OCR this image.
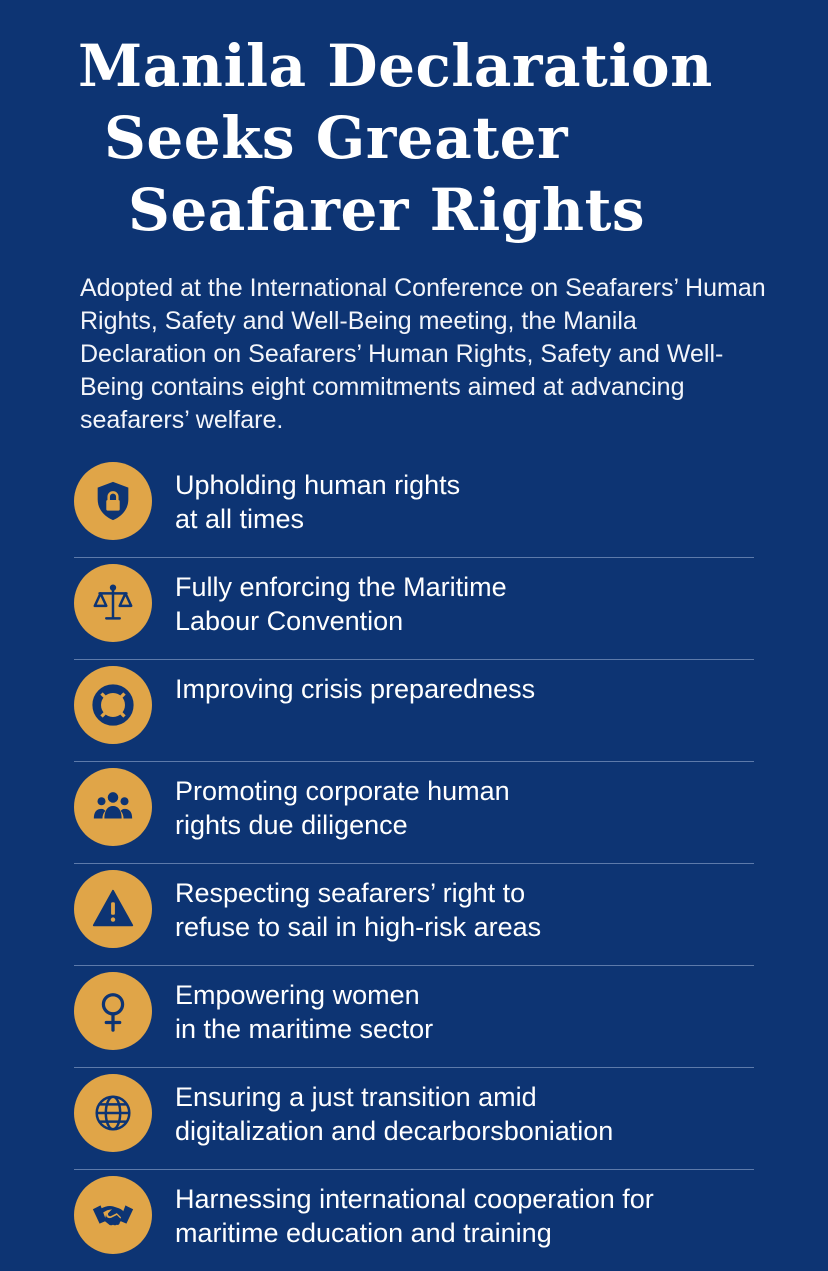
Manila Declaration
Seeks Greater
Seafarer Rights
Adopted at the International Conference on Seafarers’ Human Rights, Safety and Well-Being meeting, the Manila Declaration on Seafarers’ Human Rights, Safety and Well-Being contains eight commitments aimed at advancing seafarers’ welfare.
Upholding human rights
at all times
Fully enforcing the Maritime
Labour Convention
Improving crisis preparedness
Promoting corporate human
rights due diligence
Respecting seafarers’ right to
refuse to sail in high-risk areas
Empowering women
in the maritime sector
Ensuring a just transition amid
digitalization and decarborsboniation
Harnessing international cooperation for
maritime education and training
